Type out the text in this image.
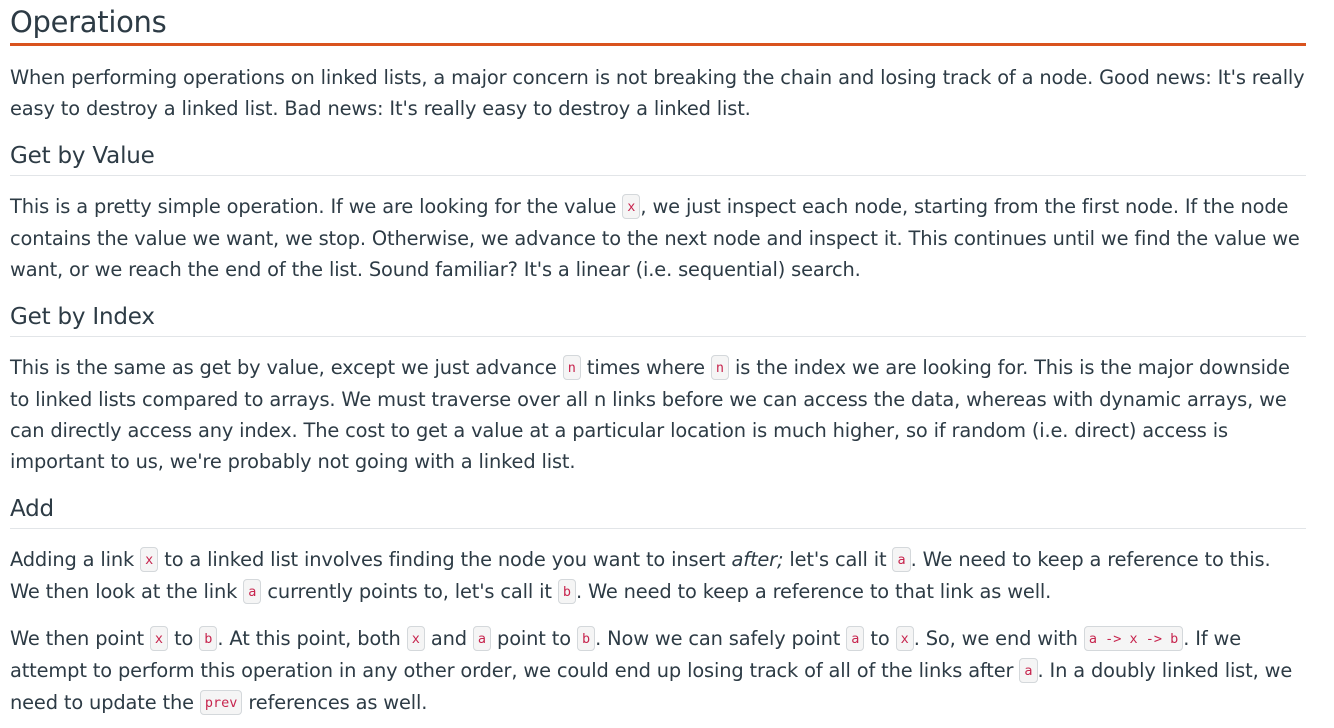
Operations

When performing operations on linked lists, a major concern is not breaking the chain and losing track of a node. Good news: It's really easy to destroy a linked list. Bad news: It's really easy to destroy a linked list.

Get by Value

This is a pretty simple operation. If we are looking for the value x , we just inspect each node, starting from the first node. If the node contains the value we want, we stop. Otherwise, we advance to the next node and inspect it. This continues until we find the value we want, or we reach the end of the list. Sound familiar? It's a linear (i.e. sequential) search.

Get by Index

This is the same as get by value, except we just advance n times where n is the index we are looking for. This is the major downside to linked lists compared to arrays. We must traverse over all n links before we can access the data, whereas with dynamic arrays, we can directly access any index. The cost to get a value at a particular location is much higher, so if random (i.e. direct) access is important to us, we're probably not going with a linked list.

Add

Adding a link x to a linked list involves finding the node you want to insert after; let's call it a . We need to keep a reference to this. We then look at the link a currently points to, let's call it b . We need to keep a reference to that link as well.

We then point x to b . At this point, both x and a point to b . Now we can safely point a to x . So, we end with a -> x -> b . If we attempt to perform this operation in any other order, we could end up losing track of all of the links after a . In a doubly linked list, we need to update the prev references as well.
